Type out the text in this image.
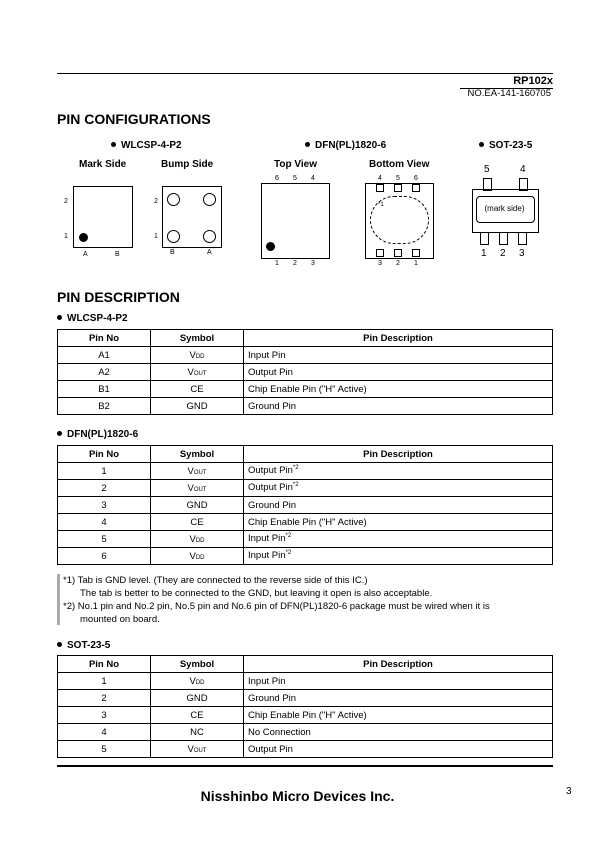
RP102x
NO.EA-141-160705
PIN CONFIGURATIONS
WLCSP-4-P2	DFN(PL)1820-6	SOT-23-5
Mark Side	Bump Side	Top View	Bottom View
2
1
A	B
2
1
B	A
6 5 4
1 2 3
*1
4 5 6
3 2 1
5	4
(mark side)
1 2 3
PIN DESCRIPTION
WLCSP-4-P2
Pin No	Symbol	Pin Description
A1	VDD	Input Pin
A2	VOUT	Output Pin
B1	CE	Chip Enable Pin ("H" Active)
B2	GND	Ground Pin
DFN(PL)1820-6
Pin No	Symbol	Pin Description
1	VOUT	Output Pin$^{*2}$
2	VOUT	Output Pin$^{*2}$
3	GND	Ground Pin
4	CE	Chip Enable Pin ("H" Active)
5	VDD	Input Pin$^{*2}$
6	VDD	Input Pin$^{*2}$
*1) Tab is GND level. (They are connected to the reverse side of this IC.)
The tab is better to be connected to the GND, but leaving it open is also acceptable.
*2) No.1 pin and No.2 pin, No.5 pin and No.6 pin of DFN(PL)1820-6 package must be wired when it is
mounted on board.
SOT-23-5
Pin No	Symbol	Pin Description
1	VDD	Input Pin
2	GND	Ground Pin
3	CE	Chip Enable Pin ("H" Active)
4	NC	No Connection
5	VOUT	Output Pin
Nisshinbo Micro Devices Inc.	3
